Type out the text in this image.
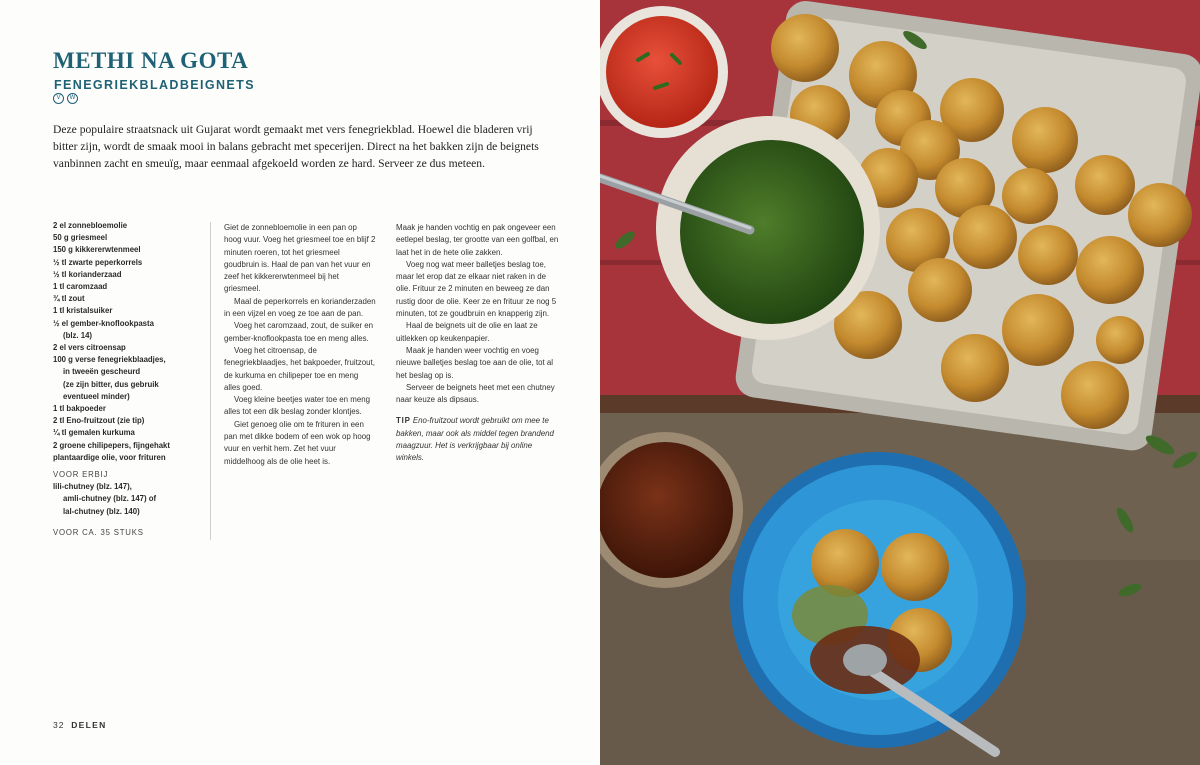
METHI NA GOTA
FENEGRIEKBLADBEIGNETS
V	W

Deze populaire straatsnack uit Gujarat wordt gemaakt met vers fenegriekblad. Hoewel die bladeren vrij bitter zijn, wordt de smaak mooi in balans gebracht met specerijen. Direct na het bakken zijn de beignets vanbinnen zacht en smeuïg, maar eenmaal afgekoeld worden ze hard. Serveer ze dus meteen.

2 el zonnebloemolie
50 g griesmeel
150 g kikkererwtenmeel
½ tl zwarte peperkorrels
½ tl korianderzaad
1 tl caromzaad
¾ tl zout
1 tl kristalsuiker
½ el gember-knoflookpasta
(blz. 14)
2 el vers citroensap
100 g verse fenegriekblaadjes,
in tweeën gescheurd
(ze zijn bitter, dus gebruik
eventueel minder)
1 tl bakpoeder
2 tl Eno-fruitzout (zie tip)
¼ tl gemalen kurkuma
2 groene chilipepers, fijngehakt
plantaardige olie, voor frituren
VOOR ERBIJ
lili-chutney (blz. 147),
amli-chutney (blz. 147) of
lal-chutney (blz. 140)
VOOR CA. 35 STUKS

Giet de zonnebloemolie in een pan op hoog vuur. Voeg het griesmeel toe en blijf 2 minuten roeren, tot het griesmeel goudbruin is. Haal de pan van het vuur en zeef het kikkererwtenmeel bij het griesmeel.

Maal de peperkorrels en korianderzaden in een vijzel en voeg ze toe aan de pan.

Voeg het caromzaad, zout, de suiker en gember-knoflookpasta toe en meng alles.

Voeg het citroensap, de fenegriekblaadjes, het bakpoeder, fruitzout, de kurkuma en chilipeper toe en meng alles goed.

Voeg kleine beetjes water toe en meng alles tot een dik beslag zonder klontjes.

Giet genoeg olie om te frituren in een pan met dikke bodem of een wok op hoog vuur en verhit hem. Zet het vuur middelhoog als de olie heet is.

Maak je handen vochtig en pak ongeveer een eetlepel beslag, ter grootte van een golfbal, en laat het in de hete olie zakken.

Voeg nog wat meer balletjes beslag toe, maar let erop dat ze elkaar niet raken in de olie. Frituur ze 2 minuten en beweeg ze dan rustig door de olie. Keer ze en frituur ze nog 5 minuten, tot ze goudbruin en knapperig zijn.

Haal de beignets uit de olie en laat ze uitlekken op keukenpapier.

Maak je handen weer vochtig en voeg nieuwe balletjes beslag toe aan de olie, tot al het beslag op is.

Serveer de beignets heet met een chutney naar keuze als dipsaus.

TIP Eno-fruitzout wordt gebruikt om mee te bakken, maar ook als middel tegen brandend maagzuur. Het is verkrijgbaar bij online winkels.
32 DELEN
